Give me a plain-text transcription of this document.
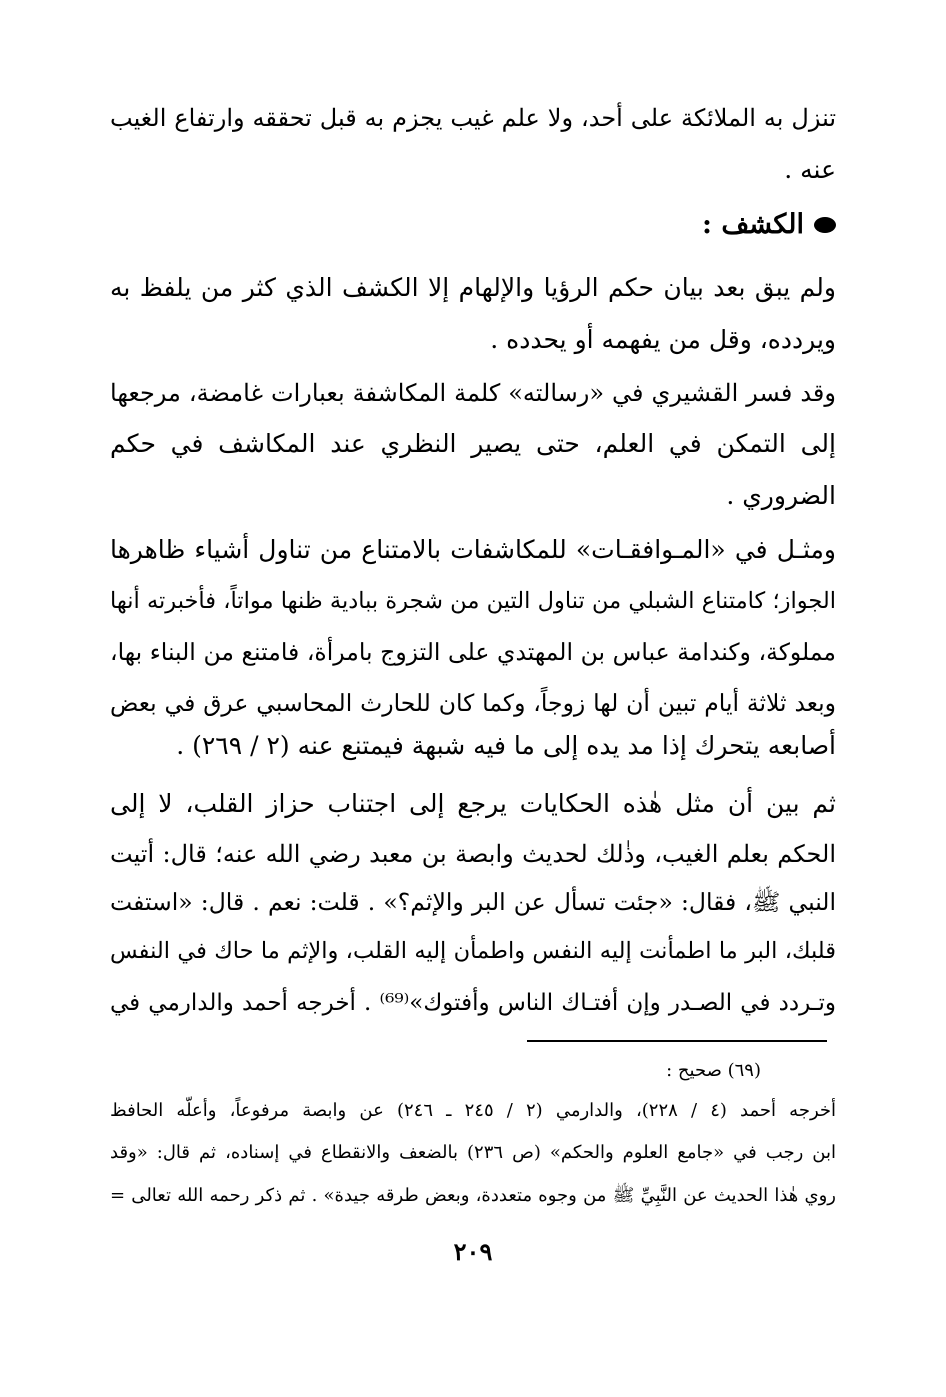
تنزل به الملائكة على أحد، ولا علم غيب يجزم به قبل تحققه وارتفاع الغيب
عنه .
الكشف :
ولم يبق بعد بيان حكم الرؤيا والإلهام إلا الكشف الذي كثر من يلفظ به
ويردده، وقل من يفهمه أو يحدده .
وقد فسر القشيري في «رسالته» كلمة المكاشفة بعبارات غامضة، مرجعها
إلى التمكن في العلم، حتى يصير النظري عند المكاشف في حكم
الضروري .
ومثـل في «المـوافقـات» للمكاشفات بالامتناع من تناول أشياء ظاهرها
الجواز؛ كامتناع الشبلي من تناول التين من شجرة ببادية ظنها مواتاً، فأخبرته أنها
مملوكة، وكندامة عباس بن المهتدي على التزوج بامرأة، فامتنع من البناء بها،
وبعد ثلاثة أيام تبين أن لها زوجاً، وكما كان للحارث المحاسبي عرق في بعض
أصابعه يتحرك إذا مد يده إلى ما فيه شبهة فيمتنع عنه (٢ / ٢٦٩) .
ثم بين أن مثل هٰذه الحكايات يرجع إلى اجتناب حزاز القلب، لا إلى
الحكم بعلم الغيب، وذٰلك لحديث وابصة بن معبد رضي الله عنه؛ قال: أتيت
النبي ﷺ، فقال: «جئت تسأل عن البر والإثم؟» . قلت: نعم . قال: «استفت
قلبك، البر ما اطمأنت إليه النفس واطمأن إليه القلب، والإثم ما حاك في النفس
وتـردد في الصـدر وإن أفتـاك الناس وأفتوك»⁽⁶⁹⁾ . أخرجه أحمد والدارمي في
(٦٩) صحيح :
أخرجه أحمد (٤ / ٢٢٨)، والدارمي (٢ / ٢٤٥ ـ ٢٤٦) عن وابصة مرفوعاً، وأعلّه الحافظ
ابن رجب في «جامع العلوم والحكم» (ص ٢٣٦) بالضعف والانقطاع في إسناده، ثم قال: «وقد
روي هٰذا الحديث عن النَّبِيِّ ﷺ من وجوه متعددة، وبعض طرقه جيدة» . ثم ذكر رحمه الله تعالى =
٢٠٩
